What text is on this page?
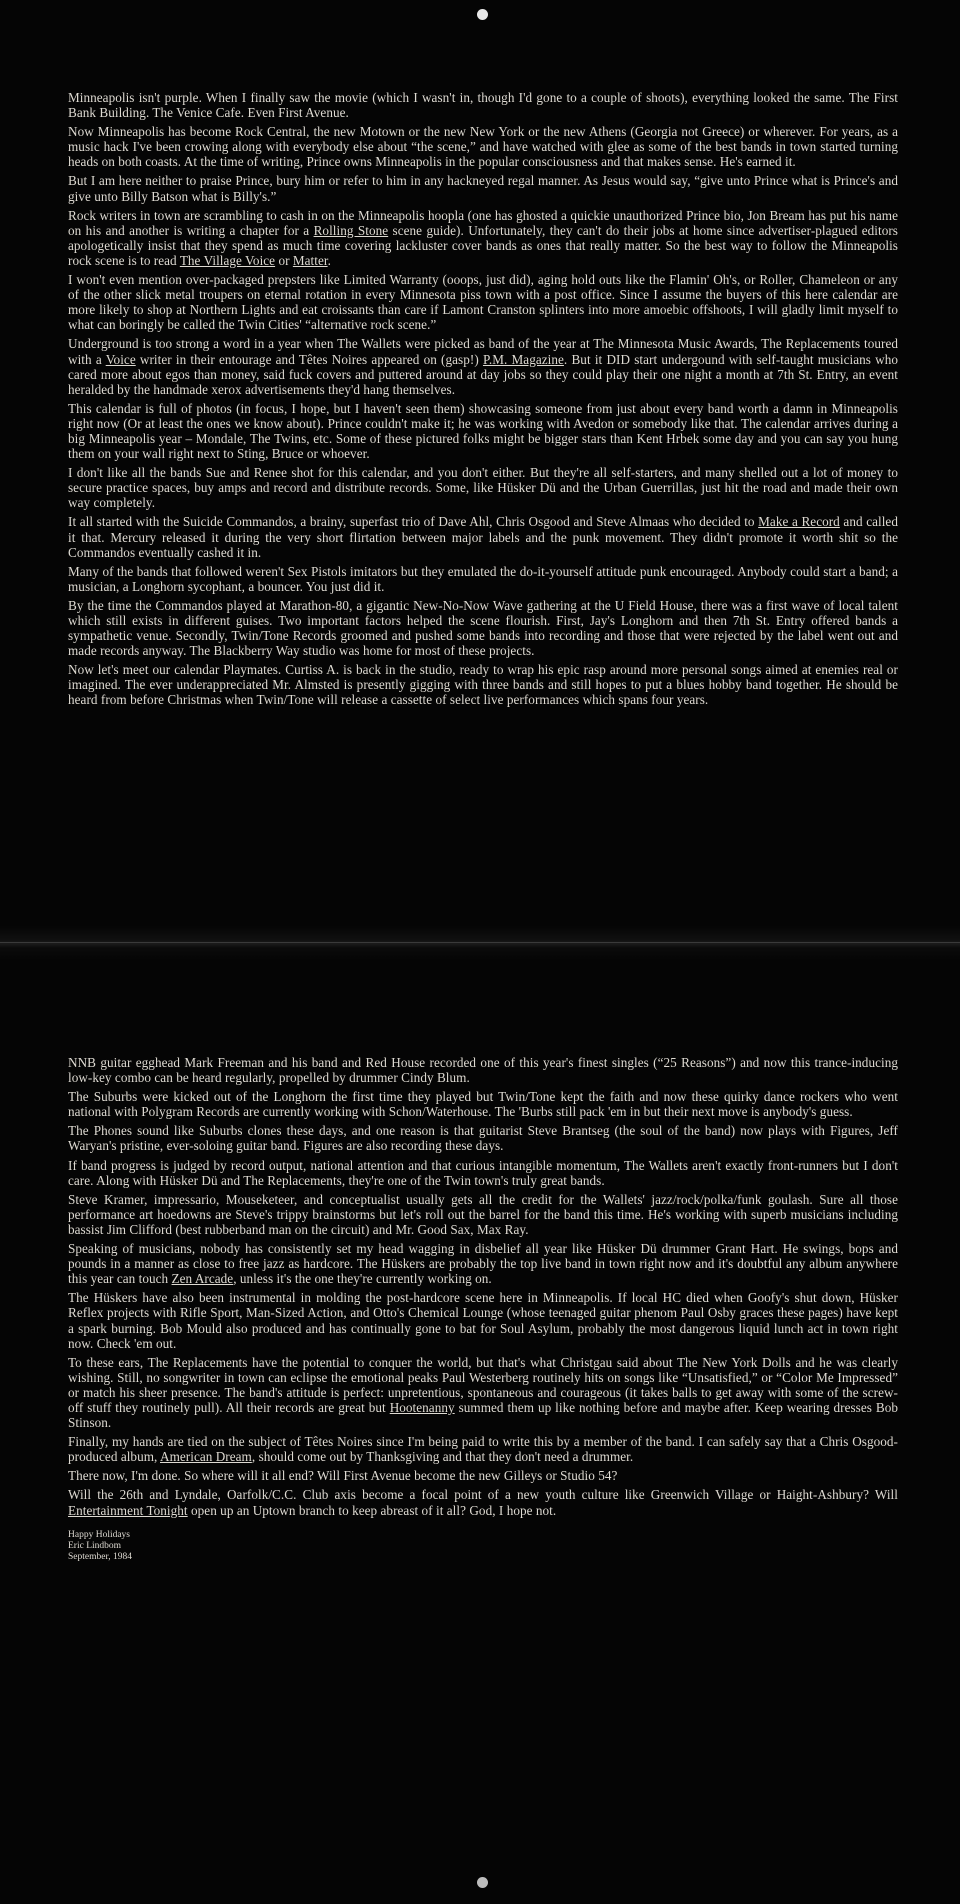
Minneapolis isn't purple. When I finally saw the movie (which I wasn't in, though I'd gone to a couple of shoots), everything looked the same. The First Bank Building. The Venice Cafe. Even First Avenue.

Now Minneapolis has become Rock Central, the new Motown or the new New York or the new Athens (Georgia not Greece) or wherever. For years, as a music hack I've been crowing along with everybody else about “the scene,” and have watched with glee as some of the best bands in town started turning heads on both coasts. At the time of writing, Prince owns Minneapolis in the popular consciousness and that makes sense. He's earned it.

But I am here neither to praise Prince, bury him or refer to him in any hackneyed regal manner. As Jesus would say, “give unto Prince what is Prince's and give unto Billy Batson what is Billy's.”

Rock writers in town are scrambling to cash in on the Minneapolis hoopla (one has ghosted a quickie unauthorized Prince bio, Jon Bream has put his name on his and another is writing a chapter for a Rolling Stone scene guide). Unfortunately, they can't do their jobs at home since advertiser-plagued editors apologetically insist that they spend as much time covering lackluster cover bands as ones that really matter. So the best way to follow the Minneapolis rock scene is to read The Village Voice or Matter.

I won't even mention over-packaged prepsters like Limited Warranty (ooops, just did), aging hold outs like the Flamin' Oh's, or Roller, Chameleon or any of the other slick metal troupers on eternal rotation in every Minnesota piss town with a post office. Since I assume the buyers of this here calendar are more likely to shop at Northern Lights and eat croissants than care if Lamont Cranston splinters into more amoebic offshoots, I will gladly limit myself to what can boringly be called the Twin Cities' “alternative rock scene.”

Underground is too strong a word in a year when The Wallets were picked as band of the year at The Minnesota Music Awards, The Replacements toured with a Voice writer in their entourage and Têtes Noires appeared on (gasp!) P.M. Magazine. But it DID start undergound with self-taught musicians who cared more about egos than money, said fuck covers and puttered around at day jobs so they could play their one night a month at 7th St. Entry, an event heralded by the handmade xerox advertisements they'd hang themselves.

This calendar is full of photos (in focus, I hope, but I haven't seen them) showcasing someone from just about every band worth a damn in Minneapolis right now (Or at least the ones we know about). Prince couldn't make it; he was working with Avedon or somebody like that. The calendar arrives during a big Minneapolis year – Mondale, The Twins, etc. Some of these pictured folks might be bigger stars than Kent Hrbek some day and you can say you hung them on your wall right next to Sting, Bruce or whoever.

I don't like all the bands Sue and Renee shot for this calendar, and you don't either. But they're all self-starters, and many shelled out a lot of money to secure practice spaces, buy amps and record and distribute records. Some, like Hüsker Dü and the Urban Guerrillas, just hit the road and made their own way completely.

It all started with the Suicide Commandos, a brainy, superfast trio of Dave Ahl, Chris Osgood and Steve Almaas who decided to Make a Record and called it that. Mercury released it during the very short flirtation between major labels and the punk movement. They didn't promote it worth shit so the Commandos eventually cashed it in.

Many of the bands that followed weren't Sex Pistols imitators but they emulated the do-it-yourself attitude punk encouraged. Anybody could start a band; a musician, a Longhorn sycophant, a bouncer. You just did it.

By the time the Commandos played at Marathon-80, a gigantic New-No-Now Wave gathering at the U Field House, there was a first wave of local talent which still exists in different guises. Two important factors helped the scene flourish. First, Jay's Longhorn and then 7th St. Entry offered bands a sympathetic venue. Secondly, Twin/Tone Records groomed and pushed some bands into recording and those that were rejected by the label went out and made records anyway. The Blackberry Way studio was home for most of these projects.

Now let's meet our calendar Playmates. Curtiss A. is back in the studio, ready to wrap his epic rasp around more personal songs aimed at enemies real or imagined. The ever underappreciated Mr. Almsted is presently gigging with three bands and still hopes to put a blues hobby band together. He should be heard from before Christmas when Twin/Tone will release a cassette of select live performances which spans four years.

NNB guitar egghead Mark Freeman and his band and Red House recorded one of this year's finest singles (“25 Reasons”) and now this trance-inducing low-key combo can be heard regularly, propelled by drummer Cindy Blum.

The Suburbs were kicked out of the Longhorn the first time they played but Twin/Tone kept the faith and now these quirky dance rockers who went national with Polygram Records are currently working with Schon/Waterhouse. The 'Burbs still pack 'em in but their next move is anybody's guess.

The Phones sound like Suburbs clones these days, and one reason is that guitarist Steve Brantseg (the soul of the band) now plays with Figures, Jeff Waryan's pristine, ever-soloing guitar band. Figures are also recording these days.

If band progress is judged by record output, national attention and that curious intangible momentum, The Wallets aren't exactly front-runners but I don't care. Along with Hüsker Dü and The Replacements, they're one of the Twin town's truly great bands.

Steve Kramer, impressario, Mouseketeer, and conceptualist usually gets all the credit for the Wallets' jazz/rock/polka/funk goulash. Sure all those performance art hoedowns are Steve's trippy brainstorms but let's roll out the barrel for the band this time. He's working with superb musicians including bassist Jim Clifford (best rubberband man on the circuit) and Mr. Good Sax, Max Ray.

Speaking of musicians, nobody has consistently set my head wagging in disbelief all year like Hüsker Dü drummer Grant Hart. He swings, bops and pounds in a manner as close to free jazz as hardcore. The Hüskers are probably the top live band in town right now and it's doubtful any album anywhere this year can touch Zen Arcade, unless it's the one they're currently working on.

The Hüskers have also been instrumental in molding the post-hardcore scene here in Minneapolis. If local HC died when Goofy's shut down, Hüsker Reflex projects with Rifle Sport, Man-Sized Action, and Otto's Chemical Lounge (whose teenaged guitar phenom Paul Osby graces these pages) have kept a spark burning. Bob Mould also produced and has continually gone to bat for Soul Asylum, probably the most dangerous liquid lunch act in town right now. Check 'em out.

To these ears, The Replacements have the potential to conquer the world, but that's what Christgau said about The New York Dolls and he was clearly wishing. Still, no songwriter in town can eclipse the emotional peaks Paul Westerberg routinely hits on songs like “Unsatisfied,” or “Color Me Impressed” or match his sheer presence. The band's attitude is perfect: unpretentious, spontaneous and courageous (it takes balls to get away with some of the screw-off stuff they routinely pull). All their records are great but Hootenanny summed them up like nothing before and maybe after. Keep wearing dresses Bob Stinson.

Finally, my hands are tied on the subject of Têtes Noires since I'm being paid to write this by a member of the band. I can safely say that a Chris Osgood-produced album, American Dream, should come out by Thanksgiving and that they don't need a drummer.

There now, I'm done. So where will it all end? Will First Avenue become the new Gilleys or Studio 54?

Will the 26th and Lyndale, Oarfolk/C.C. Club axis become a focal point of a new youth culture like Greenwich Village or Haight-Ashbury? Will Entertainment Tonight open up an Uptown branch to keep abreast of it all? God, I hope not.

Happy Holidays
Eric Lindbom
September, 1984
